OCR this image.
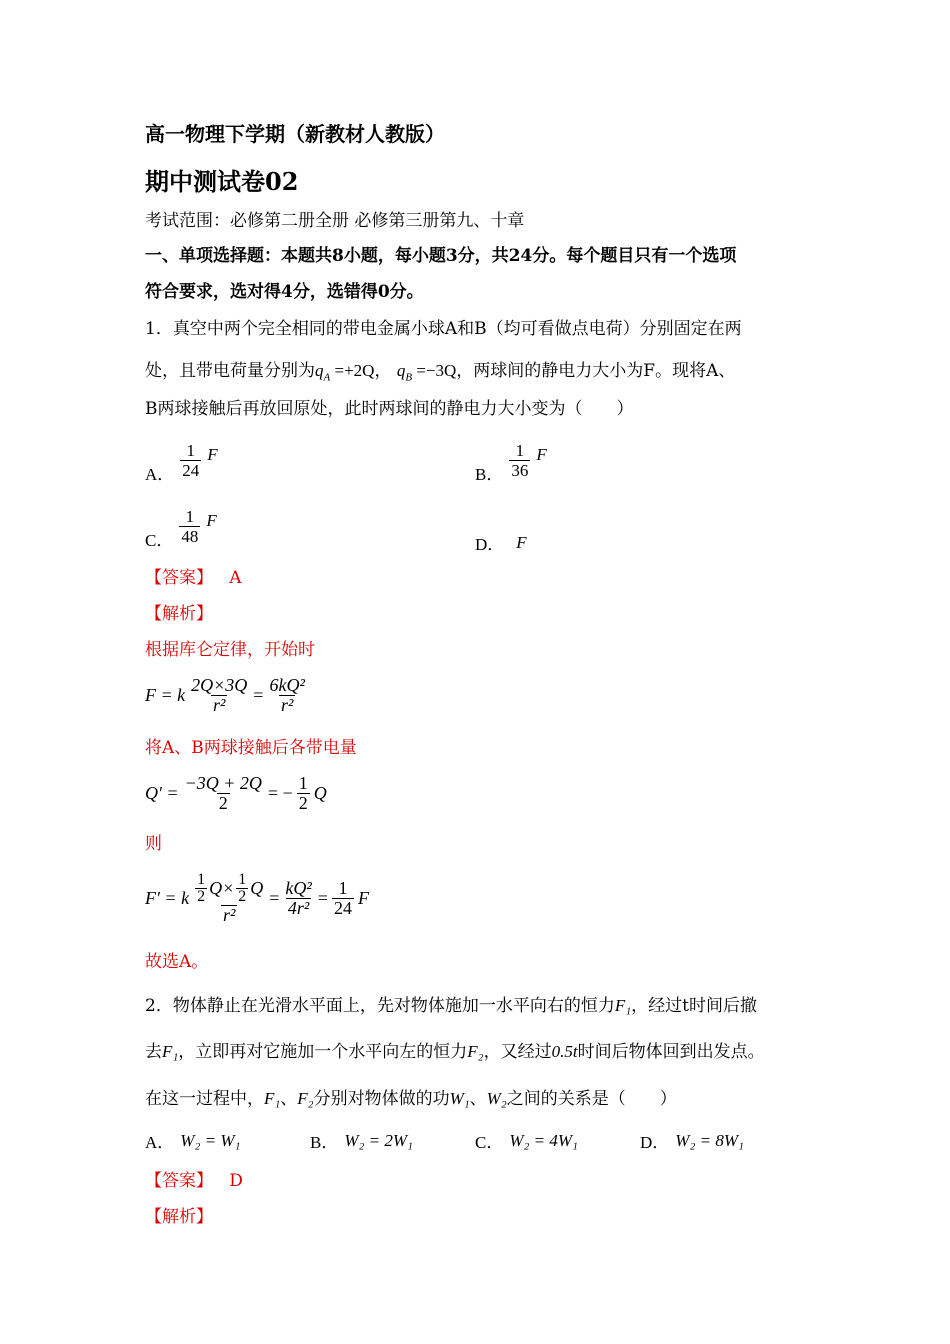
高一物理下学期（新教材人教版）
期中测试卷02
考试范围：必修第二册全册 必修第三册第九、十章
一、单项选择题：本题共8小题，每小题3分，共24分。每个题目只有一个选项
符合要求，选对得4分，选错得0分。
1．真空中两个完全相同的带电金属小球A和B（均可看做点电荷）分别固定在两
处，且带电荷量分别为$q_A =+2Q$， $q_B =-3Q$，两球间的静电力大小为F。现将A、
B两球接触后再放回原处，此时两球间的静电力大小变为（　　）
A． $\frac{1}{24}$ F
B． $\frac{1}{36}$ F
C． $\frac{1}{48}$ F
D． F
【答案】 A
【解析】
根据库仑定律，开始时
F = k $\frac{2Q\times 3Q}{\text{r²}} = \frac{\text{6kQ²}}{\text{r²}}$
将A、B两球接触后各带电量
$Q' = \frac{-3Q + 2Q}{2}$ = − $\frac{1}{2}$ Q
则
F′ = k $\frac{\frac{1}{2} Q\times \frac{1}{2} Q}{\text{r²}} = \frac{\text{kQ²}}{\text{4r²}} = \frac{1}{24}$ F
故选A。
2．物体静止在光滑水平面上，先对物体施加一水平向右的恒力F₁，经过t时间后撤
去F₁，立即再对它施加一个水平向左的恒力F₂，又经过0.5t时间后物体回到出发点。
在这一过程中，F₁、F₂分别对物体做的功W₁、W₂之间的关系是（　　）
A． W₂ = W₁	B． W₂ = 2W₁	C． W₂ = 4W₁	D． W₂ = 8W₁
【答案】 D
【解析】
